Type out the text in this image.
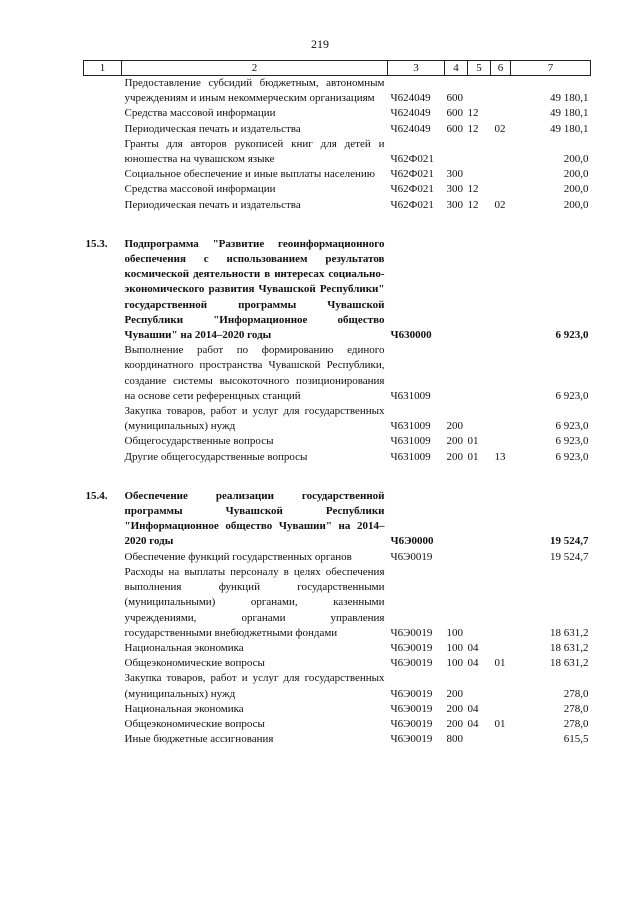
219
1	2	3	4	5	6	7
	Предоставление субсидий бюджетным, автономным учреждениям и иным некоммерческим организациям	Ч624049	600			49 180,1
	Средства массовой информации	Ч624049	600	12		49 180,1
	Периодическая печать и издательства	Ч624049	600	12	02	49 180,1
	Гранты для авторов рукописей книг для детей и юношества на чувашском языке	Ч62Ф021				200,0
	Социальное обеспечение и иные выплаты населению	Ч62Ф021	300			200,0
	Средства массовой информации	Ч62Ф021	300	12		200,0
	Периодическая печать и издательства	Ч62Ф021	300	12	02	200,0

15.3.	Подпрограмма "Развитие геоинформационного обеспечения с использованием результатов космической деятельности в интересах социально-экономического развития Чувашской Республики" государственной программы Чувашской Республики "Информационное общество Чувашии" на 2014–2020 годы	Ч630000				6 923,0
	Выполнение работ по формированию единого координатного пространства Чувашской Республики, создание системы высокоточного позиционирования на основе сети референцных станций	Ч631009				6 923,0
	Закупка товаров, работ и услуг для государственных (муниципальных) нужд	Ч631009	200			6 923,0
	Общегосударственные вопросы	Ч631009	200	01		6 923,0
	Другие общегосударственные вопросы	Ч631009	200	01	13	6 923,0

15.4.	Обеспечение реализации государственной программы Чувашской Республики "Информационное общество Чувашии" на 2014–2020 годы	Ч6Э0000				19 524,7
	Обеспечение функций государственных органов	Ч6Э0019				19 524,7
	Расходы на выплаты персоналу в целях обеспечения выполнения функций государственными (муниципальными) органами, казенными учреждениями, органами управления государственными внебюджетными фондами	Ч6Э0019	100			18 631,2
	Национальная экономика	Ч6Э0019	100	04		18 631,2
	Общеэкономические вопросы	Ч6Э0019	100	04	01	18 631,2
	Закупка товаров, работ и услуг для государственных (муниципальных) нужд	Ч6Э0019	200			278,0
	Национальная экономика	Ч6Э0019	200	04		278,0
	Общеэкономические вопросы	Ч6Э0019	200	04	01	278,0
	Иные бюджетные ассигнования	Ч6Э0019	800			615,5
